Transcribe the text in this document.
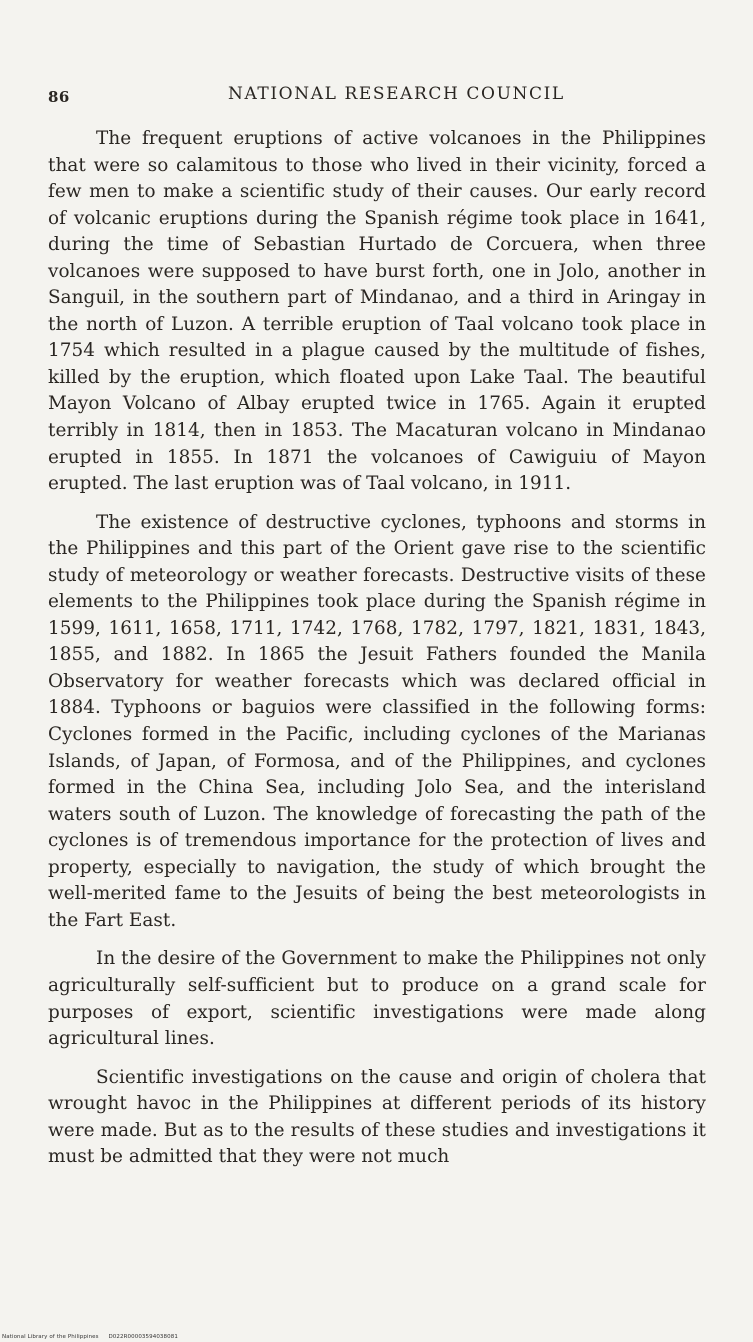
86	NATIONAL RESEARCH COUNCIL

The frequent eruptions of active volcanoes in the Philippines that were so calamitous to those who lived in their vicinity, forced a few men to make a scientific study of their causes. Our early record of volcanic eruptions during the Spanish régime took place in 1641, during the time of Sebastian Hurtado de Corcuera, when three volcanoes were supposed to have burst forth, one in Jolo, another in Sanguil, in the southern part of Mindanao, and a third in Aringay in the north of Luzon. A terrible eruption of Taal volcano took place in 1754 which resulted in a plague caused by the multitude of fishes, killed by the eruption, which floated upon Lake Taal. The beautiful Mayon Volcano of Albay erupted twice in 1765. Again it erupted terribly in 1814, then in 1853. The Macaturan volcano in Mindanao erupted in 1855. In 1871 the volcanoes of Cawiguiu of Mayon erupted. The last eruption was of Taal volcano, in 1911.

The existence of destructive cyclones, typhoons and storms in the Philippines and this part of the Orient gave rise to the scientific study of meteorology or weather forecasts. Destructive visits of these elements to the Philippines took place during the Spanish régime in 1599, 1611, 1658, 1711, 1742, 1768, 1782, 1797, 1821, 1831, 1843, 1855, and 1882. In 1865 the Jesuit Fathers founded the Manila Observatory for weather forecasts which was declared official in 1884. Typhoons or baguios were classified in the following forms: Cyclones formed in the Pacific, including cyclones of the Marianas Islands, of Japan, of Formosa, and of the Philippines, and cyclones formed in the China Sea, including Jolo Sea, and the interisland waters south of Luzon. The knowledge of forecasting the path of the cyclones is of tremendous importance for the protection of lives and property, especially to navigation, the study of which brought the well-merited fame to the Jesuits of being the best meteorologists in the Fart East.

In the desire of the Government to make the Philippines not only agriculturally self-sufficient but to produce on a grand scale for purposes of export, scientific investigations were made along agricultural lines.

Scientific investigations on the cause and origin of cholera that wrought havoc in the Philippines at different periods of its history were made. But as to the results of these studies and investigations it must be admitted that they were not much

National Library of the Philippines D022R00003594038081
